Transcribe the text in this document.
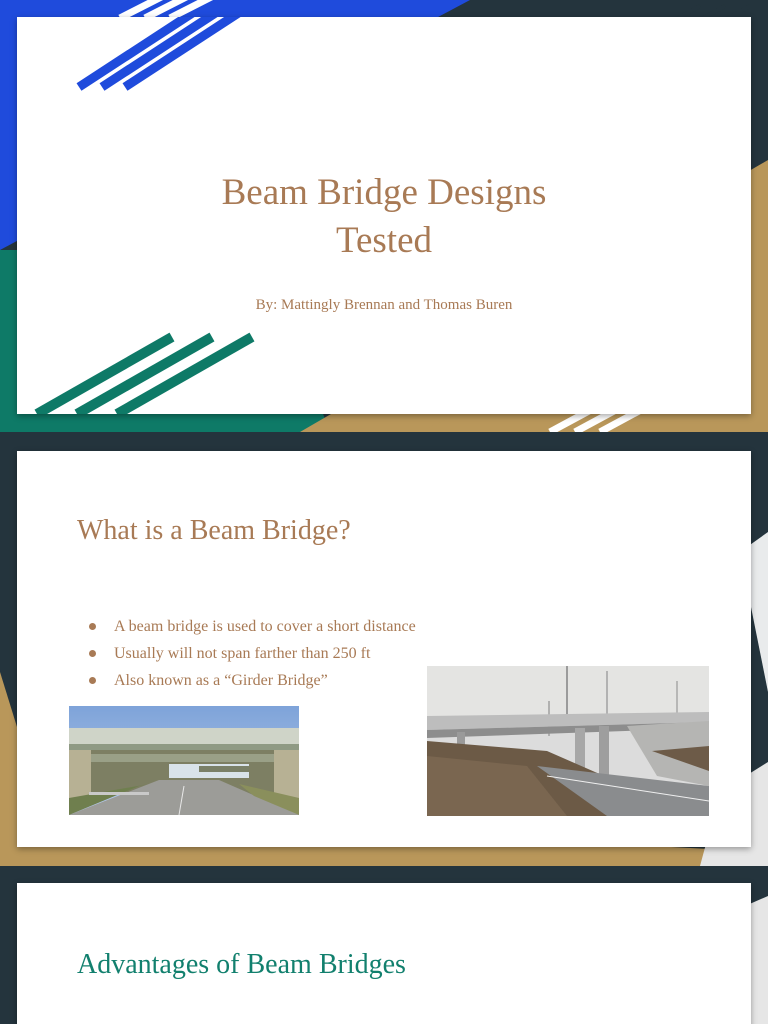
Beam Bridge Designs Tested
By: Mattingly Brennan and Thomas Buren
What is a Beam Bridge?
A beam bridge is used to cover a short distance
Usually will not span farther than 250 ft
Also known as a “Girder Bridge”
Advantages of Beam Bridges
